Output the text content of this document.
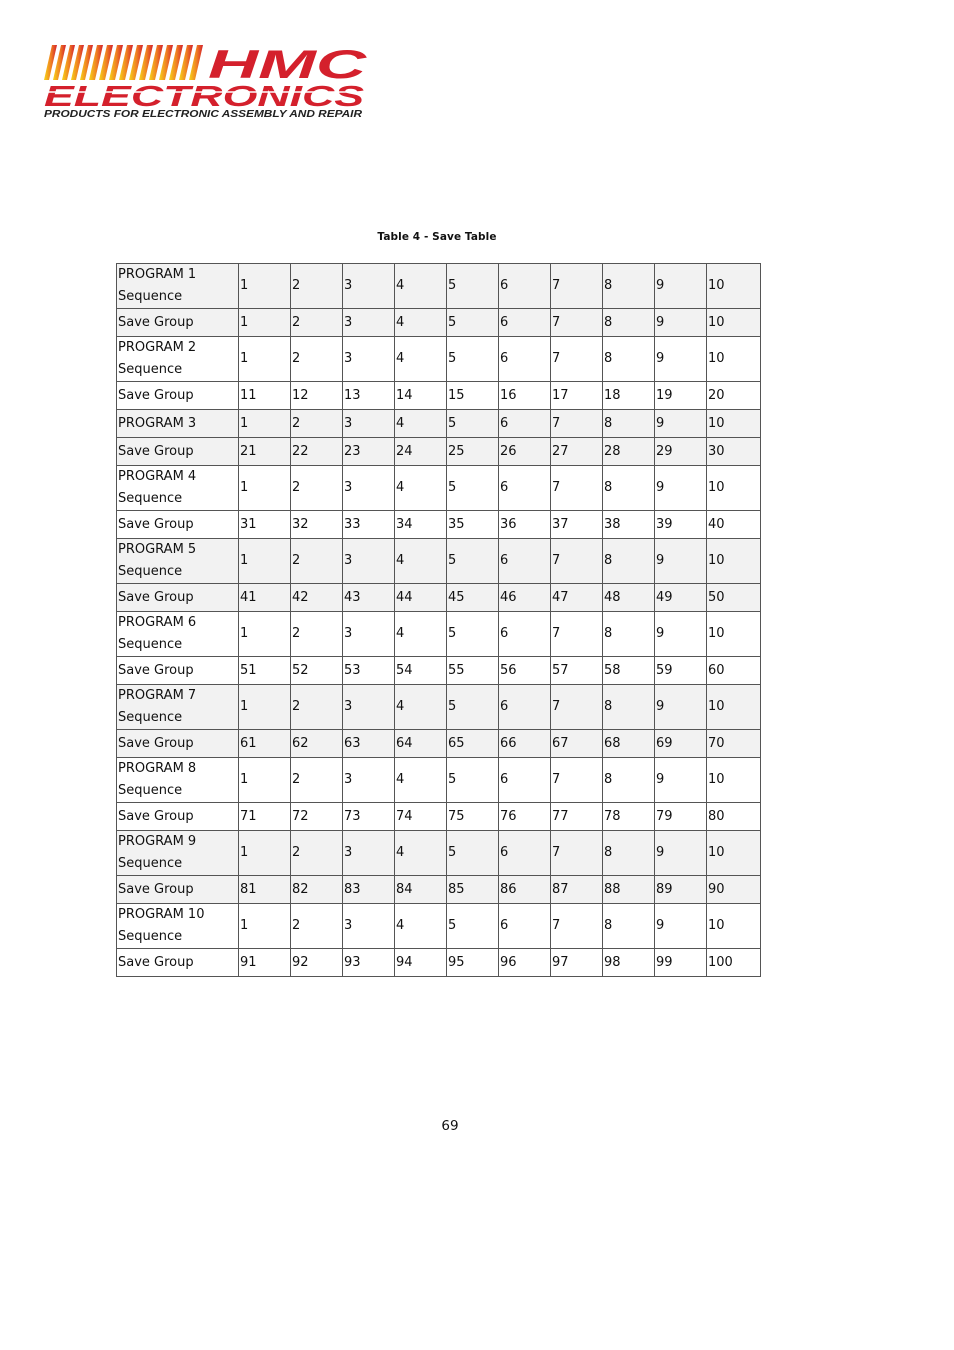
HMC
ELECTRONICS
PRODUCTS FOR ELECTRONIC ASSEMBLY AND REPAIR
Table 4 - Save Table
PROGRAM 1 Sequence	1	2	3	4	5	6	7	8	9	10
Save Group	1	2	3	4	5	6	7	8	9	10
PROGRAM 2 Sequence	1	2	3	4	5	6	7	8	9	10
Save Group	11	12	13	14	15	16	17	18	19	20
PROGRAM 3	1	2	3	4	5	6	7	8	9	10
Save Group	21	22	23	24	25	26	27	28	29	30
PROGRAM 4 Sequence	1	2	3	4	5	6	7	8	9	10
Save Group	31	32	33	34	35	36	37	38	39	40
PROGRAM 5 Sequence	1	2	3	4	5	6	7	8	9	10
Save Group	41	42	43	44	45	46	47	48	49	50
PROGRAM 6 Sequence	1	2	3	4	5	6	7	8	9	10
Save Group	51	52	53	54	55	56	57	58	59	60
PROGRAM 7 Sequence	1	2	3	4	5	6	7	8	9	10
Save Group	61	62	63	64	65	66	67	68	69	70
PROGRAM 8 Sequence	1	2	3	4	5	6	7	8	9	10
Save Group	71	72	73	74	75	76	77	78	79	80
PROGRAM 9 Sequence	1	2	3	4	5	6	7	8	9	10
Save Group	81	82	83	84	85	86	87	88	89	90
PROGRAM 10 Sequence	1	2	3	4	5	6	7	8	9	10
Save Group	91	92	93	94	95	96	97	98	99	100
69
